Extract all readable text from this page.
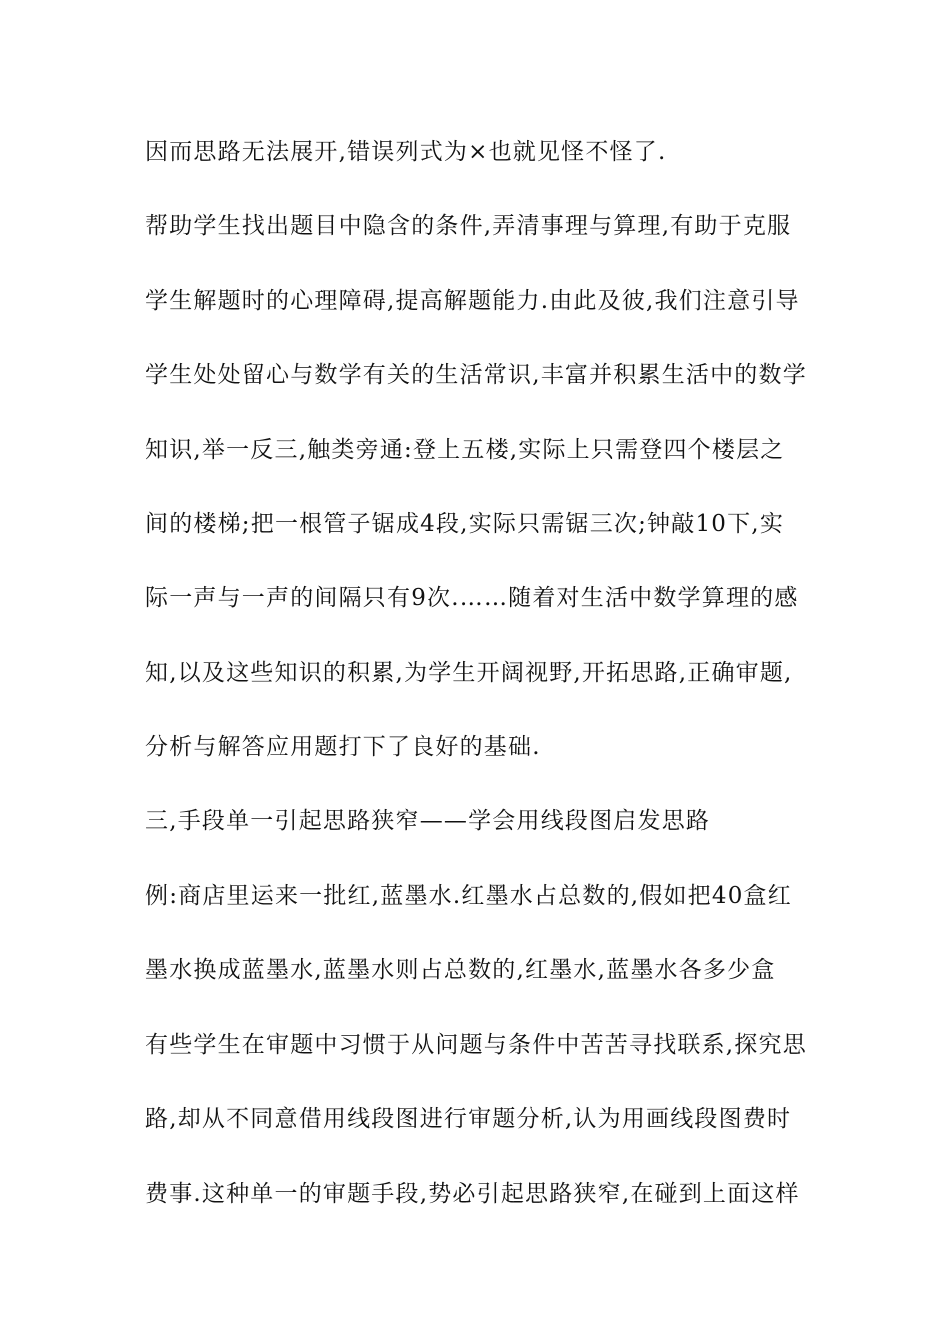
因而思路无法展开,错误列式为×也就见怪不怪了.
帮助学生找出题目中隐含的条件,弄清事理与算理,有助于克服
学生解题时的心理障碍,提高解题能力.由此及彼,我们注意引导
学生处处留心与数学有关的生活常识,丰富并积累生活中的数学
知识,举一反三,触类旁通:登上五楼,实际上只需登四个楼层之
间的楼梯;把一根管子锯成4段,实际只需锯三次;钟敲10下,实
际一声与一声的间隔只有9次.……随着对生活中数学算理的感
知,以及这些知识的积累,为学生开阔视野,开拓思路,正确审题,
分析与解答应用题打下了良好的基础.
三,手段单一引起思路狭窄——学会用线段图启发思路
例:商店里运来一批红,蓝墨水.红墨水占总数的,假如把40盒红
墨水换成蓝墨水,蓝墨水则占总数的,红墨水,蓝墨水各多少盒
有些学生在审题中习惯于从问题与条件中苦苦寻找联系,探究思
路,却从不同意借用线段图进行审题分析,认为用画线段图费时
费事.这种单一的审题手段,势必引起思路狭窄,在碰到上面这样
